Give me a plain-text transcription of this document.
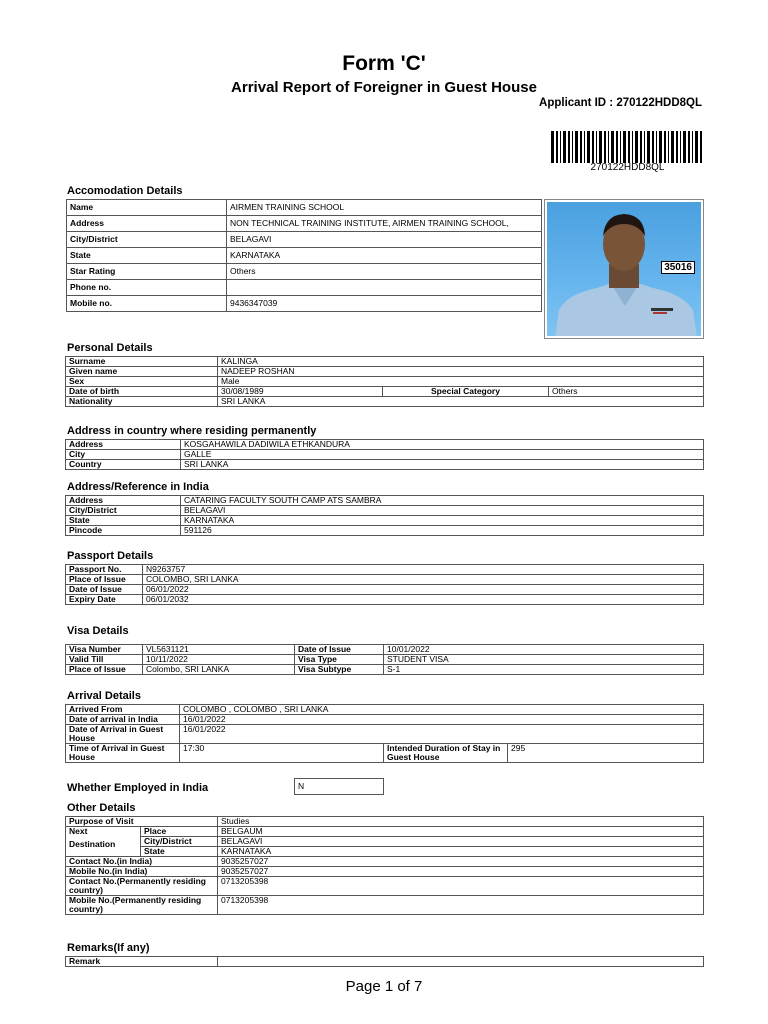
Form 'C'
Arrival Report of Foreigner in Guest House
Applicant ID : 270122HDD8QL
270122HDD8QL
Accomodation Details
Name	AIRMEN TRAINING SCHOOL
Address	NON TECHNICAL TRAINING INSTITUTE, AIRMEN TRAINING SCHOOL,
City/District	BELAGAVI
State	KARNATAKA
Star Rating	Others
Phone no.	
Mobile no.	9436347039
35016
Personal Details
Surname	KALINGA		
Given name	NADEEP ROSHAN		
Sex	Male		
Date of birth	30/08/1989	Special Category	Others
Nationality	SRI LANKA		
Address in country where residing permanently
Address	KOSGAHAWILA DADIWILA ETHKANDURA
City	GALLE
Country	SRI LANKA
Address/Reference in India
Address	CATARING FACULTY SOUTH CAMP ATS SAMBRA
City/District	BELAGAVI
State	KARNATAKA
Pincode	591126
Passport Details
Passport No.	N9263757
Place of Issue	COLOMBO, SRI LANKA
Date of Issue	06/01/2022
Expiry Date	06/01/2032
Visa Details
Visa Number	VL5631121	Date of Issue	10/01/2022
Valid Till	10/11/2022	Visa Type	STUDENT VISA
Place of Issue	Colombo, SRI LANKA	Visa Subtype	S-1
Arrival Details
Arrived From	COLOMBO , COLOMBO , SRI LANKA		
Date of arrival in India	16/01/2022		
Date of Arrival in Guest House	16/01/2022		
Time of Arrival in Guest House	17:30	Intended Duration of Stay in Guest House	295
Whether Employed in India	N
Other Details
Purpose of Visit		Studies

Next
Destination	Place	BELGAUM
	City/District	BELAGAVI
	State	KARNATAKA
Contact No.(in India)		9035257027
Mobile No.(in India)		9035257027
Contact No.(Permanently residing country)		0713205398
Mobile No.(Permanently residing country)		0713205398
Remarks(If any)
Remark	
Page 1 of 7
